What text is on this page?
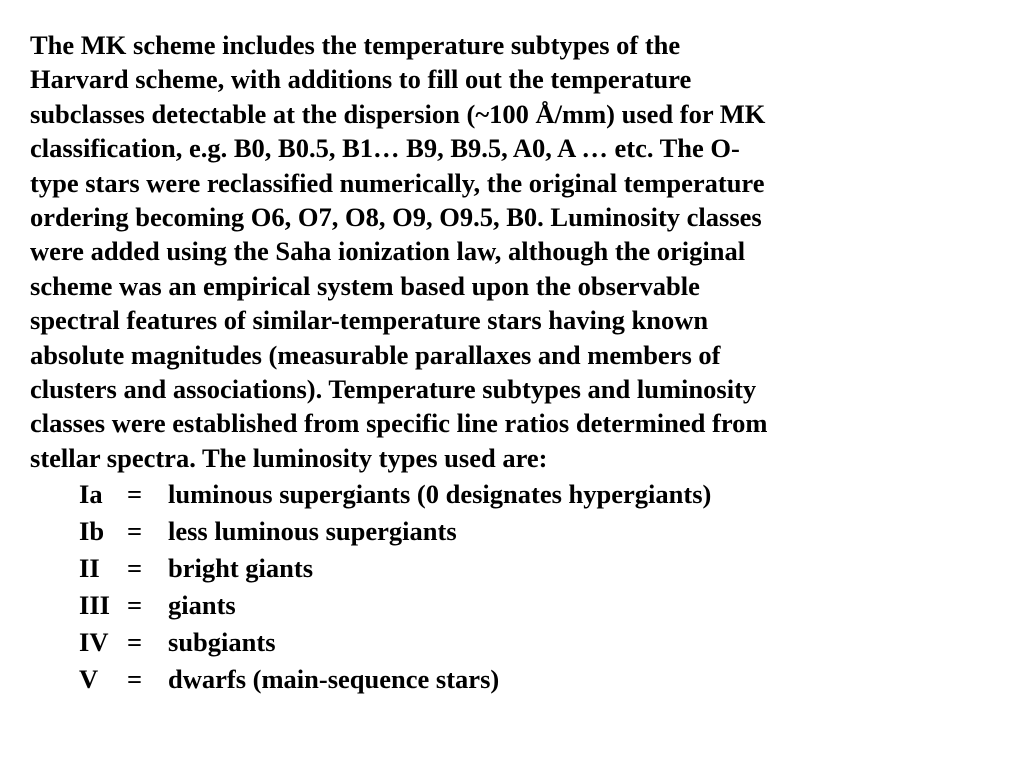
The MK scheme includes the temperature subtypes of the
Harvard scheme, with additions to fill out the temperature
subclasses detectable at the dispersion (~100 Å/mm) used for MK
classification, e.g. B0, B0.5, B1… B9, B9.5, A0, A … etc. The O-
type stars were reclassified numerically, the original temperature
ordering becoming O6, O7, O8, O9, O9.5, B0. Luminosity classes
were added using the Saha ionization law, although the original
scheme was an empirical system based upon the observable
spectral features of similar-temperature stars having known
absolute magnitudes (measurable parallaxes and members of
clusters and associations). Temperature subtypes and luminosity
classes were established from specific line ratios determined from
stellar spectra. The luminosity types used are:
Ia	=	luminous supergiants (0 designates hypergiants)
Ib	=	less luminous supergiants
II	=	bright giants
III	=	giants
IV	=	subgiants
V	=	dwarfs (main-sequence stars)
